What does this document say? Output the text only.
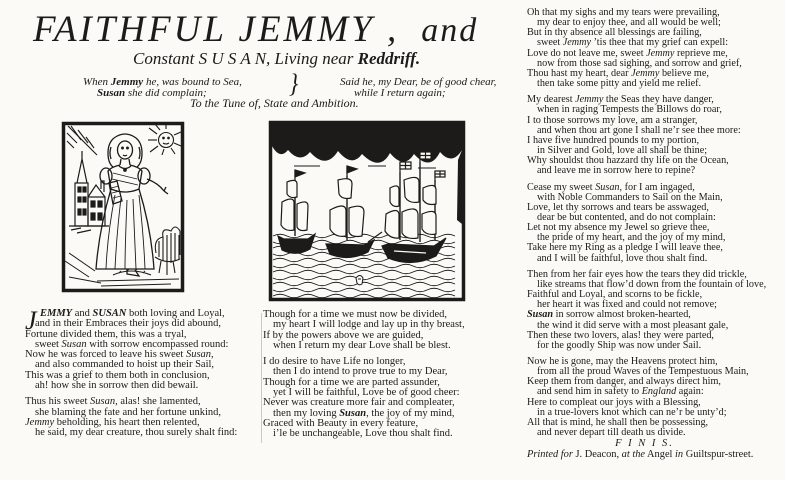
FAITHFUL JEMMY , and
Constant S U S A N, Living near Reddriff.
When Jemmy he, was bound to Sea,
Susan she did complain;	}	Said he, my Dear, be of good chear,
while I return again;
To the Tune of, State and Ambition.
J EMMY and SUSAN both loving and Loyal,
and in their Embraces their joys did abound,
Fortune divided them, this was a tryal,
sweet Susan with sorrow encompassed round:
Now he was forced to leave his sweet Susan,
and also commanded to hoist up their Sail,
This was a grief to them both in conclusion,
ah! how she in sorrow then did bewail.
Thus his sweet Susan, alas! she lamented,
she blaming the fate and her fortune unkind,
Jemmy beholding, his heart then relented,
he said, my dear creature, thou surely shalt find:
Though for a time we must now be divided,
my heart I will lodge and lay up in thy breast,
If by the powers above we are guided,
when I return my dear Love shall be blest.
I do desire to have Life no longer,
then I do intend to prove true to my Dear,
Though for a time we are parted assunder,
yet I will be faithful, Love be of good cheer:
Never was creature more fair and compleater,
then my loving Susan, the joy of my mind,
Graced with Beauty in every feature,
i’le be unchangeable, Love thou shalt find.
Oh that my sighs and my tears were prevailing,
my dear to enjoy thee, and all would be well;
But in thy absence all blessings are failing,
sweet Jemmy ’tis thee that my grief can expell:
Love do not leave me, sweet Jemmy reprieve me,
now from those sad sighing, and sorrow and grief,
Thou hast my heart, dear Jemmy believe me,
then take some pitty and yield me relief.
My dearest Jemmy the Seas they have danger,
when in raging Tempests the Billows do roar,
I to those sorrows my love, am a stranger,
and when thou art gone I shall ne’r see thee more:
I have five hundred pounds to my portion,
in Silver and Gold, love all shall be thine;
Why shouldst thou hazzard thy life on the Ocean,
and leave me in sorrow here to repine?
Cease my sweet Susan, for I am ingaged,
with Noble Commanders to Sail on the Main,
Love, let thy sorrows and tears be asswaged,
dear be but contented, and do not complain:
Let not my absence my Jewel so grieve thee,
the pride of my heart, and the joy of my mind,
Take here my Ring as a pledge I will leave thee,
and I will be faithful, love thou shalt find.
Then from her fair eyes how the tears they did trickle,
like streams that flow’d down from the fountain of love,
Faithful and Loyal, and scorns to be fickle,
her heart it was fixed and could not remove;
Susan in sorrow almost broken-hearted,
the wind it did serve with a most pleasant gale,
Then these two lovers, alas! they were parted,
for the goodly Ship was now under Sail.
Now he is gone, may the Heavens protect him,
from all the proud Waves of the Tempestuous Main,
Keep them from danger, and always direct him,
and send him in safety to England again:
Here to compleat our joys with a Blessing,
in a true-lovers knot which can ne’r be unty’d;
All that is mind, he shall then be possessing,
and never depart till death us divide.
F I N I S.
Printed for J. Deacon, at the Angel in Guiltspur-street.
